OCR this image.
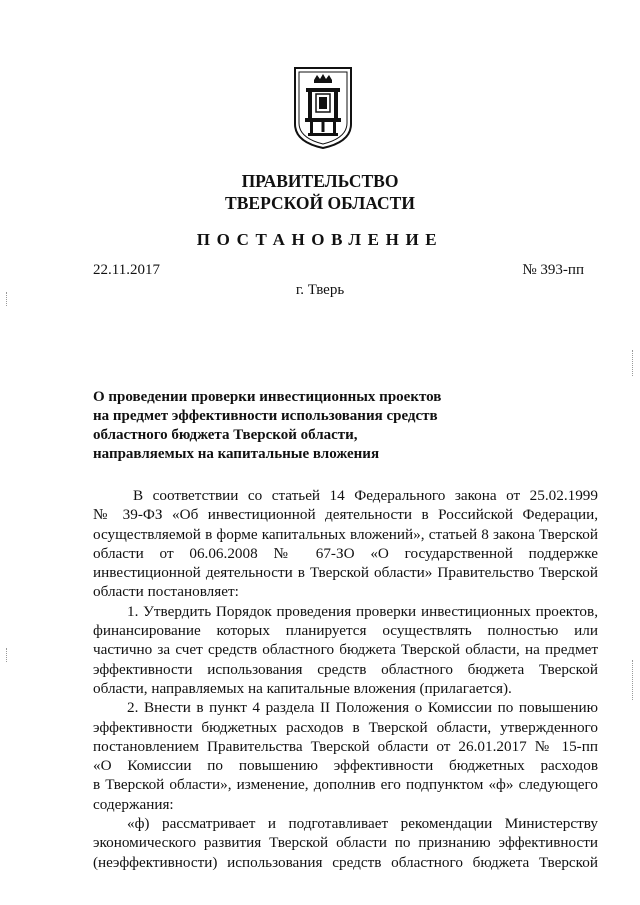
ПРАВИТЕЛЬСТВО
ТВЕРСКОЙ ОБЛАСТИ
ПОСТАНОВЛЕНИЕ
22.11.2017	№ 393-пп
г. Тверь
О проведении проверки инвестиционных проектов
на предмет эффективности использования средств
областного бюджета Тверской области,
направляемых на капитальные вложения
В соответствии со статьей 14 Федерального закона от 25.02.1999
№ 39-ФЗ «Об инвестиционной деятельности в Российской Федерации,
осуществляемой в форме капитальных вложений», статьей 8 закона Тверской
области от 06.06.2008 № 67-ЗО «О государственной поддержке
инвестиционной деятельности в Тверской области» Правительство Тверской
области постановляет:
1. Утвердить Порядок проведения проверки инвестиционных проектов,
финансирование которых планируется осуществлять полностью или
частично за счет средств областного бюджета Тверской области, на предмет
эффективности использования средств областного бюджета Тверской
области, направляемых на капитальные вложения (прилагается).
2. Внести в пункт 4 раздела II Положения о Комиссии по повышению
эффективности бюджетных расходов в Тверской области, утвержденного
постановлением Правительства Тверской области от 26.01.2017 № 15-пп
«О Комиссии по повышению эффективности бюджетных расходов
в Тверской области», изменение, дополнив его подпунктом «ф» следующего
содержания:
«ф) рассматривает и подготавливает рекомендации Министерству
экономического развития Тверской области по признанию эффективности
(неэффективности) использования средств областного бюджета Тверской
